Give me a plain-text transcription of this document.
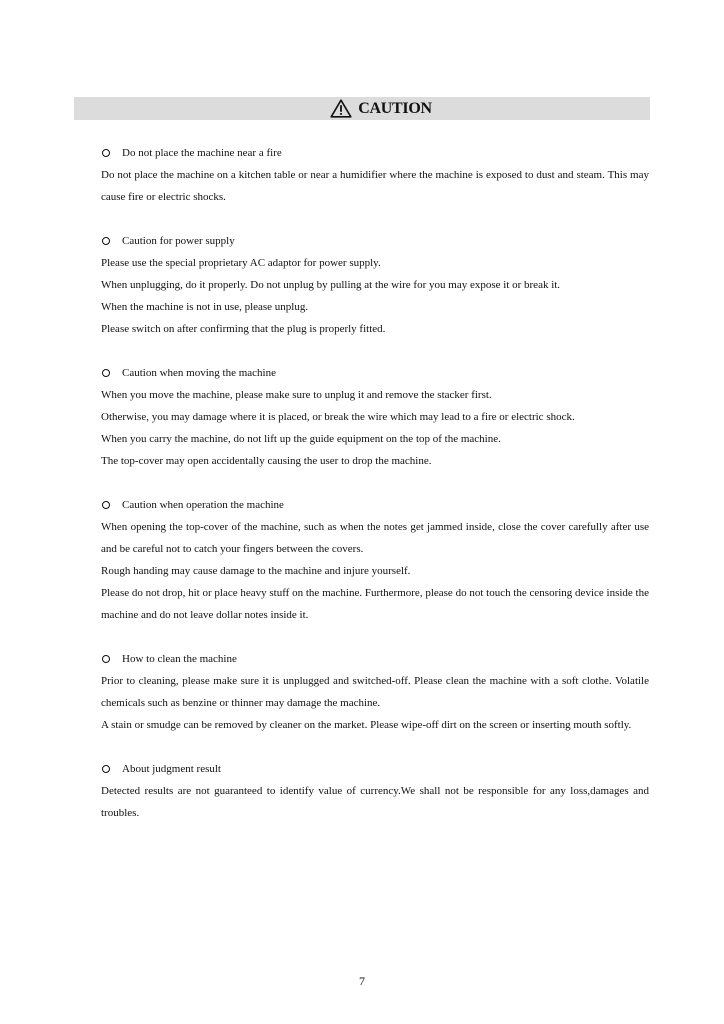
CAUTION
Do not place the machine near a fire

Do not place the machine on a kitchen table or near a humidifier where the machine is exposed to dust and steam. This may cause fire or electric shocks.

Caution for power supply

Please use the special proprietary AC adaptor for power supply.

When unplugging, do it properly. Do not unplug by pulling at the wire for you may expose it or break it.

When the machine is not in use, please unplug.

Please switch on after confirming that the plug is properly fitted.

Caution when moving the machine

When you move the machine, please make sure to unplug it and remove the stacker first.

Otherwise, you may damage where it is placed, or break the wire which may lead to a fire or electric shock.

When you carry the machine, do not lift up the guide equipment on the top of the machine.

The top-cover may open accidentally causing the user to drop the machine.

Caution when operation the machine

When opening the top-cover of the machine, such as when the notes get jammed inside, close the cover carefully after use and be careful not to catch your fingers between the covers.

Rough handing may cause damage to the machine and injure yourself.

Please do not drop, hit or place heavy stuff on the machine. Furthermore, please do not touch the censoring device inside the machine and do not leave dollar notes inside it.

How to clean the machine

Prior to cleaning, please make sure it is unplugged and switched-off. Please clean the machine with a soft clothe. Volatile chemicals such as benzine or thinner may damage the machine.

A stain or smudge can be removed by cleaner on the market. Please wipe-off dirt on the screen or inserting mouth softly.

About judgment result

Detected results are not guaranteed to identify value of currency.We shall not be responsible for any loss,damages and troubles.

7
